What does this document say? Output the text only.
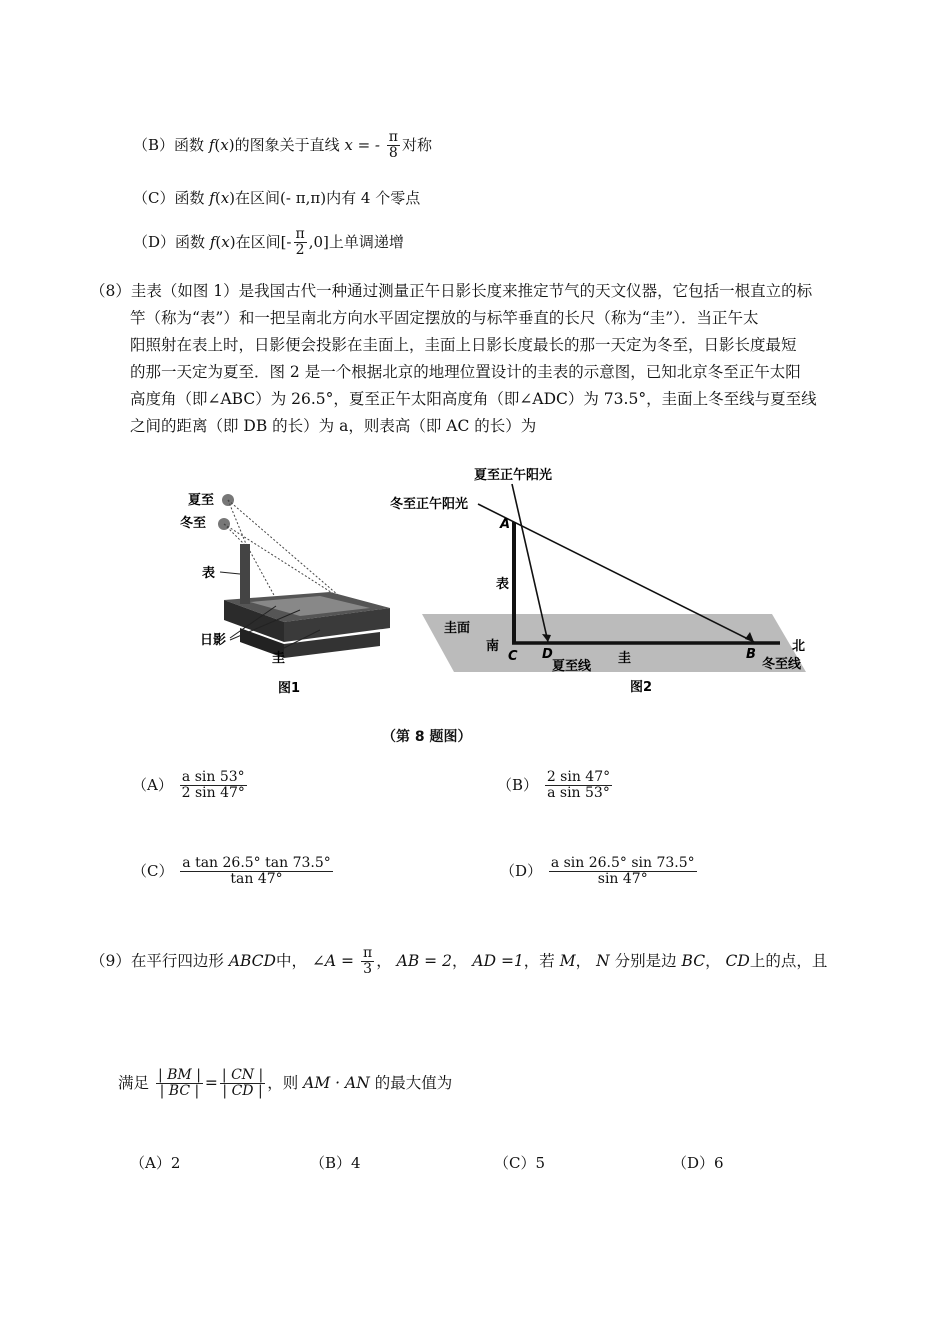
（B）函数 f(x)的图象关于直线 x = - $\frac{\pi}{8}$ 对称
（C）函数 f(x)在区间(- π,π)内有 4 个零点
（D）函数 f(x)在区间[- $\frac{\pi}{2} ,0$]上单调递增
（8）圭表（如图 1）是我国古代一种通过测量正午日影长度来推定节气的天文仪器，它包括一根直立的标
竿（称为“表”）和一把呈南北方向水平固定摆放的与标竿垂直的长尺（称为“圭”）．当正午太
阳照射在表上时，日影便会投影在圭面上，圭面上日影长度最长的那一天定为冬至，日影长度最短
的那一天定为夏至．图 2 是一个根据北京的地理位置设计的圭表的示意图，已知北京冬至正午太阳
高度角（即∠ABC）为 26.5°，夏至正午太阳高度角（即∠ADC）为 73.5°，圭面上冬至线与夏至线
之间的距离（即 DB 的长）为 a，则表高（即 AC 的长）为
夏至
冬至
表
日影
圭
图1
夏至正午阳光
冬至正午阳光
A
B
C D
表
圭面
南	北
圭
夏至线	冬至线
图2
（第 8 题图）
$(A) \frac{\text{a sin 53°}}{2 \sin 47^\circ}$	$(B) \frac{2 \sin 47^\circ}{\text{a sin 53°}}$
$(C) \frac{\text{a tan 26.5° tan 73.5°}}{\tan 47^\circ}$	$(D) \frac{\text{a sin 26.5° sin 73.5°}}{\sin 47^\circ}$
（9）在平行四边形 ABCD中， ∠A = $\frac{\pi}{3}$ ， AB = 2， AD =1，若 M， N 分别是边 BC， CD上的点，且
满足 $\frac{| BM |}{| BC |} = \frac{| CN |}{| CD |}$ ，则 AM · AN 的最大值为
（A）2	（B）4	（C）5	（D）6
